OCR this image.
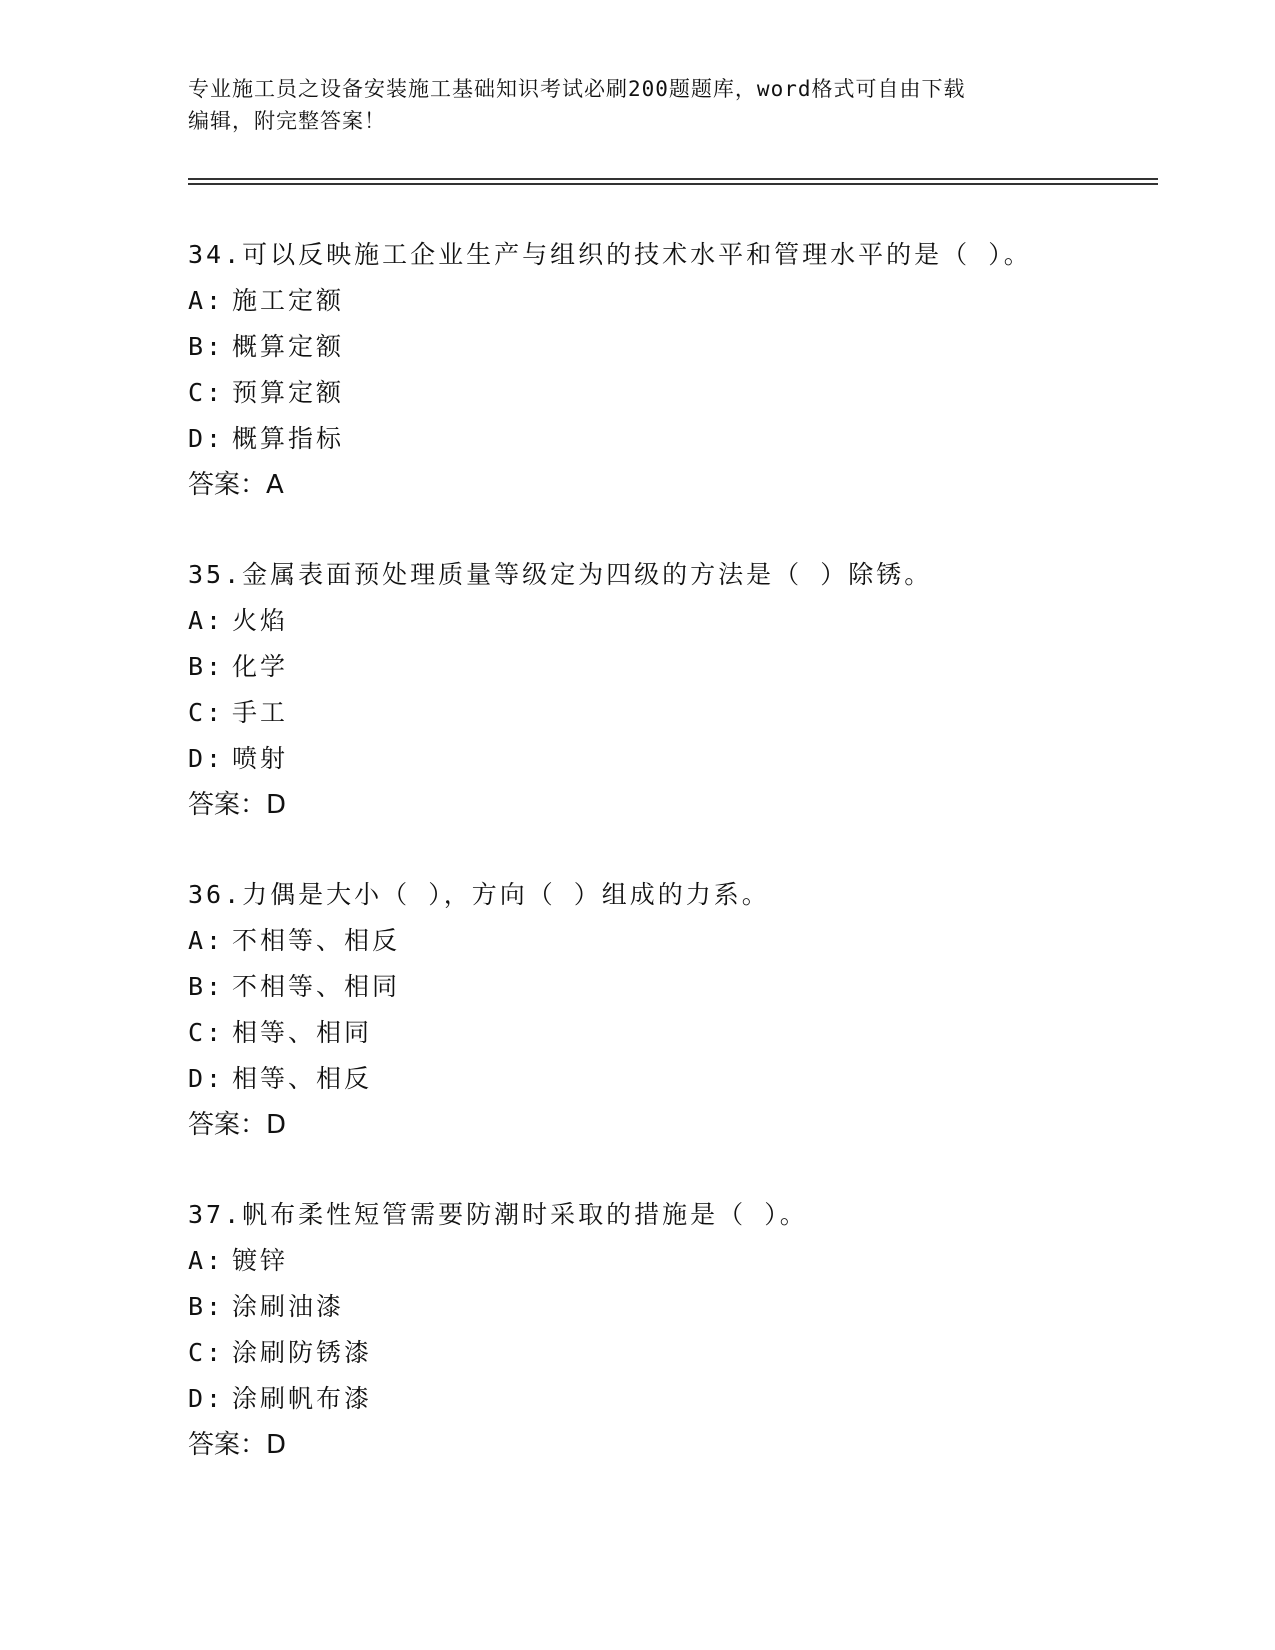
专业施工员之设备安装施工基础知识考试必刷200题题库，word格式可自由下载
编辑，附完整答案！
34.可以反映施工企业生产与组织的技术水平和管理水平的是（ ）。
A: 施工定额
B: 概算定额
C: 预算定额
D: 概算指标
答案：A
35.金属表面预处理质量等级定为四级的方法是（ ）除锈。
A: 火焰
B: 化学
C: 手工
D: 喷射
答案：D
36.力偶是大小（ ），方向（ ）组成的力系。
A: 不相等、相反
B: 不相等、相同
C: 相等、相同
D: 相等、相反
答案：D
37.帆布柔性短管需要防潮时采取的措施是（ ）。
A: 镀锌
B: 涂刷油漆
C: 涂刷防锈漆
D: 涂刷帆布漆
答案：D
